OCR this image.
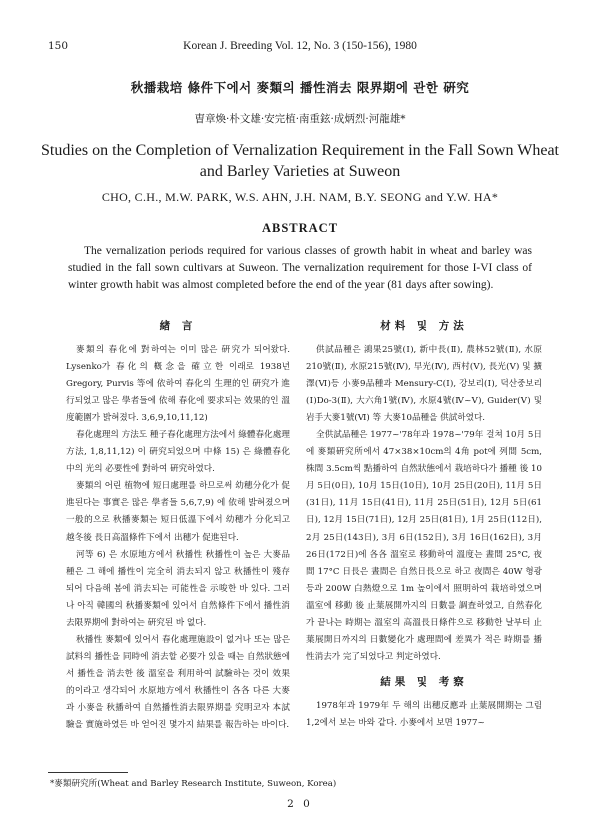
150	Korean J. Breeding Vol. 12, No. 3 (150-156), 1980
秋播栽培 條件下에서 麥類의 播性消去 限界期에 관한 硏究
曺章煥·朴文雄·安完植·南重鉉·成炳烈·河龍雄*
Studies on the Completion of Vernalization Requirement in the Fall Sown Wheat and Barley Varieties at Suweon
CHO, C.H., M.W. PARK, W.S. AHN, J.H. NAM, B.Y. SEONG and Y.W. HA*
ABSTRACT
The vernalization periods required for various classes of growth habit in wheat and barley was studied in the fall sown cultivars at Suweon. The vernalization requirement for those I-VI class of winter growth habit was almost completed before the end of the year (81 days after sowing).
緖 言

麥類의 春化에 對하여는 이미 많은 硏究가 되어왔다. Lysenko가 春化의 槪念을 確立한 이래로 1938년 Gregory, Purvis 等에 依하여 春化의 生理的인 硏究가 進行되었고 많은 學者들에 依해 春化에 要求되는 效果的인 溫度範圍가 밝혀졌다. 3,6,9,10,11,12)

春化處理의 方法도 種子春化處理方法에서 綠體春化處理方法, 1,8,11,12) 이 硏究되었으며 中條 15) 은 綠體春化中의 光의 必要性에 對하여 硏究하였다.

麥類의 어린 植物에 短日處理를 하므로써 幼穗分化가 促進된다는 事實은 많은 學者들 5,6,7,9) 에 依해 밝혀졌으며 一般的으로 秋播麥類는 短日低溫下에서 幼穗가 分化되고 越冬後 長日高溫條件下에서 出穗가 促進된다.

河等 6) 은 水原地方에서 秋播性 秋播性이 높은 大麥品種은 그 해에 播性이 完全히 消去되지 않고 秋播性이 殘存되어 다음해 봄에 消去되는 可能性을 示唆한 바 있다. 그러나 아직 韓國의 秋播麥類에 있어서 自然條件下에서 播性消去限界期에 對하여는 硏究된 바 없다.

秋播性 麥類에 있어서 春化處理施設이 없거나 또는 많은 試料의 播性을 同時에 消去할 必要가 있을 때는 自然狀態에서 播性을 消去한 後 溫室을 利用하여 試驗하는 것이 效果的이라고 생각되어 水原地方에서 秋播性이 各各 다른 大麥과 小麥을 秋播하여 自然播性消去限界期를 究明코자 本試驗을 實施하였든 바 얻어진 몇가지 結果를 報告하는 바이다.

材料 및 方法

供試品種은 鴻果25號(Ⅰ), 新中長(Ⅱ), 農林52號(Ⅱ), 水原210號(Ⅱ), 水原215號(Ⅳ), 早光(Ⅳ), 西村(Ⅴ), 長光(Ⅴ) 및 擴澤(Ⅵ)등 小麥9品種과 Mensury-C(Ⅰ), 강보리(Ⅰ), 덕산중보리(Ⅰ)Do-3(Ⅱ), 大六角1號(Ⅳ), 水原4號(Ⅳ~Ⅴ), Guider(Ⅴ) 및 岩手大麥1號(Ⅵ) 等 大麥10品種을 供試하였다.

全供試品種은 1977~'78年과 1978~'79年 걸쳐 10月 5日에 麥類硏究所에서 47×38×10cm의 4角 pot에 列間 5cm, 株間 3.5cm씩 點播하여 自然狀態에서 栽培하다가 播種 後 10月 5日(0日), 10月 15日(10日), 10月 25日(20日), 11月 5日(31日), 11月 15日(41日), 11月 25日(51日), 12月 5日(61日), 12月 15日(71日), 12月 25日(81日), 1月 25日(112日), 2月 25日(143日), 3月 6日(152日), 3月 16日(162日), 3月 26日(172日)에 各各 溫室로 移動하여 溫度는 晝間 25°C, 夜間 17°C 日長은 晝間은 自然日長으로 하고 夜間은 40W 형광등과 200W 白熱燈으로 1m 높이에서 照明하여 栽培하였으며 溫室에 移動 後 止葉展開까지의 日數를 調査하였고, 自然春化가 끝나는 時期는 溫室의 高溫長日條件으로 移動한 날부터 止葉展開日까지의 日數變化가 處理間에 差異가 적은 時期를 播性消去가 完了되었다고 判定하였다.

結果 및 考察

1978年과 1979年 두 해의 出穗反應과 止葉展開期는 그림 1,2에서 보는 바와 같다. 小麥에서 보면 1977~

*麥類硏究所(Wheat and Barley Research Institute, Suweon, Korea)
2 0
